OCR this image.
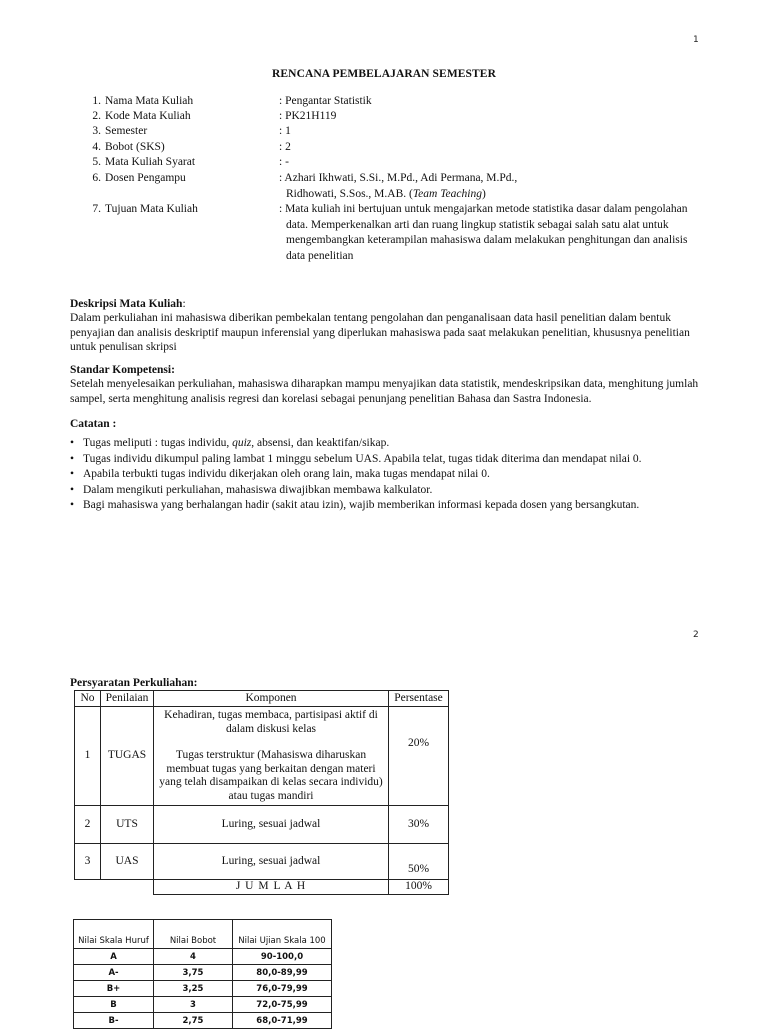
1
RENCANA PEMBELAJARAN SEMESTER
1. Nama Mata Kuliah	: Pengantar Statistik
2. Kode Mata Kuliah	: PK21H119
3. Semester	: 1
4. Bobot (SKS)	: 2
5. Mata Kuliah Syarat	: -
6. Dosen Pengampu	: Azhari Ikhwati, S.Si., M.Pd., Adi Permana, M.Pd.,
Ridhowati, S.Sos., M.AB. (Team Teaching)
7. Tujuan Mata Kuliah	: Mata kuliah ini bertujuan untuk mengajarkan metode statistika dasar dalam pengolahan
data. Memperkenalkan arti dan ruang lingkup statistik sebagai salah satu alat untuk
mengembangkan keterampilan mahasiswa dalam melakukan penghitungan dan analisis
data penelitian
Deskripsi Mata Kuliah:
Dalam perkuliahan ini mahasiswa diberikan pembekalan tentang pengolahan dan penganalisaan data hasil penelitian dalam bentuk penyajian dan analisis deskriptif maupun inferensial yang diperlukan mahasiswa pada saat melakukan penelitian, khususnya penelitian untuk penulisan skripsi
Standar Kompetensi:
Setelah menyelesaikan perkuliahan, mahasiswa diharapkan mampu menyajikan data statistik, mendeskripsikan data, menghitung jumlah sampel, serta menghitung analisis regresi dan korelasi sebagai penunjang penelitian Bahasa dan Sastra Indonesia.
Catatan :
• Tugas meliputi : tugas individu, quiz, absensi, dan keaktifan/sikap.
• Tugas individu dikumpul paling lambat 1 minggu sebelum UAS. Apabila telat, tugas tidak diterima dan mendapat nilai 0.
• Apabila terbukti tugas individu dikerjakan oleh orang lain, maka tugas mendapat nilai 0.
• Dalam mengikuti perkuliahan, mahasiswa diwajibkan membawa kalkulator.
• Bagi mahasiswa yang berhalangan hadir (sakit atau izin), wajib memberikan informasi kepada dosen yang bersangkutan.
2
Persyaratan Perkuliahan:
No	Penilaian	Komponen	Persentase
1	TUGAS	Kehadiran, tugas membaca, partisipasi aktif di dalam diskusi kelas
Tugas terstruktur (Mahasiswa diharuskan membuat tugas yang berkaitan dengan materi yang telah disampaikan di kelas secara individu) atau tugas mandiri	20%
2	UTS	Luring, sesuai jadwal	30%
3	UAS	Luring, sesuai jadwal	50%
		J U M L A H	100%
Nilai Skala Huruf	Nilai Bobot	Nilai Ujian Skala 100
A	4	90-100,0
A-	3,75	80,0-89,99
B+	3,25	76,0-79,99
B	3	72,0-75,99
B-	2,75	68,0-71,99
